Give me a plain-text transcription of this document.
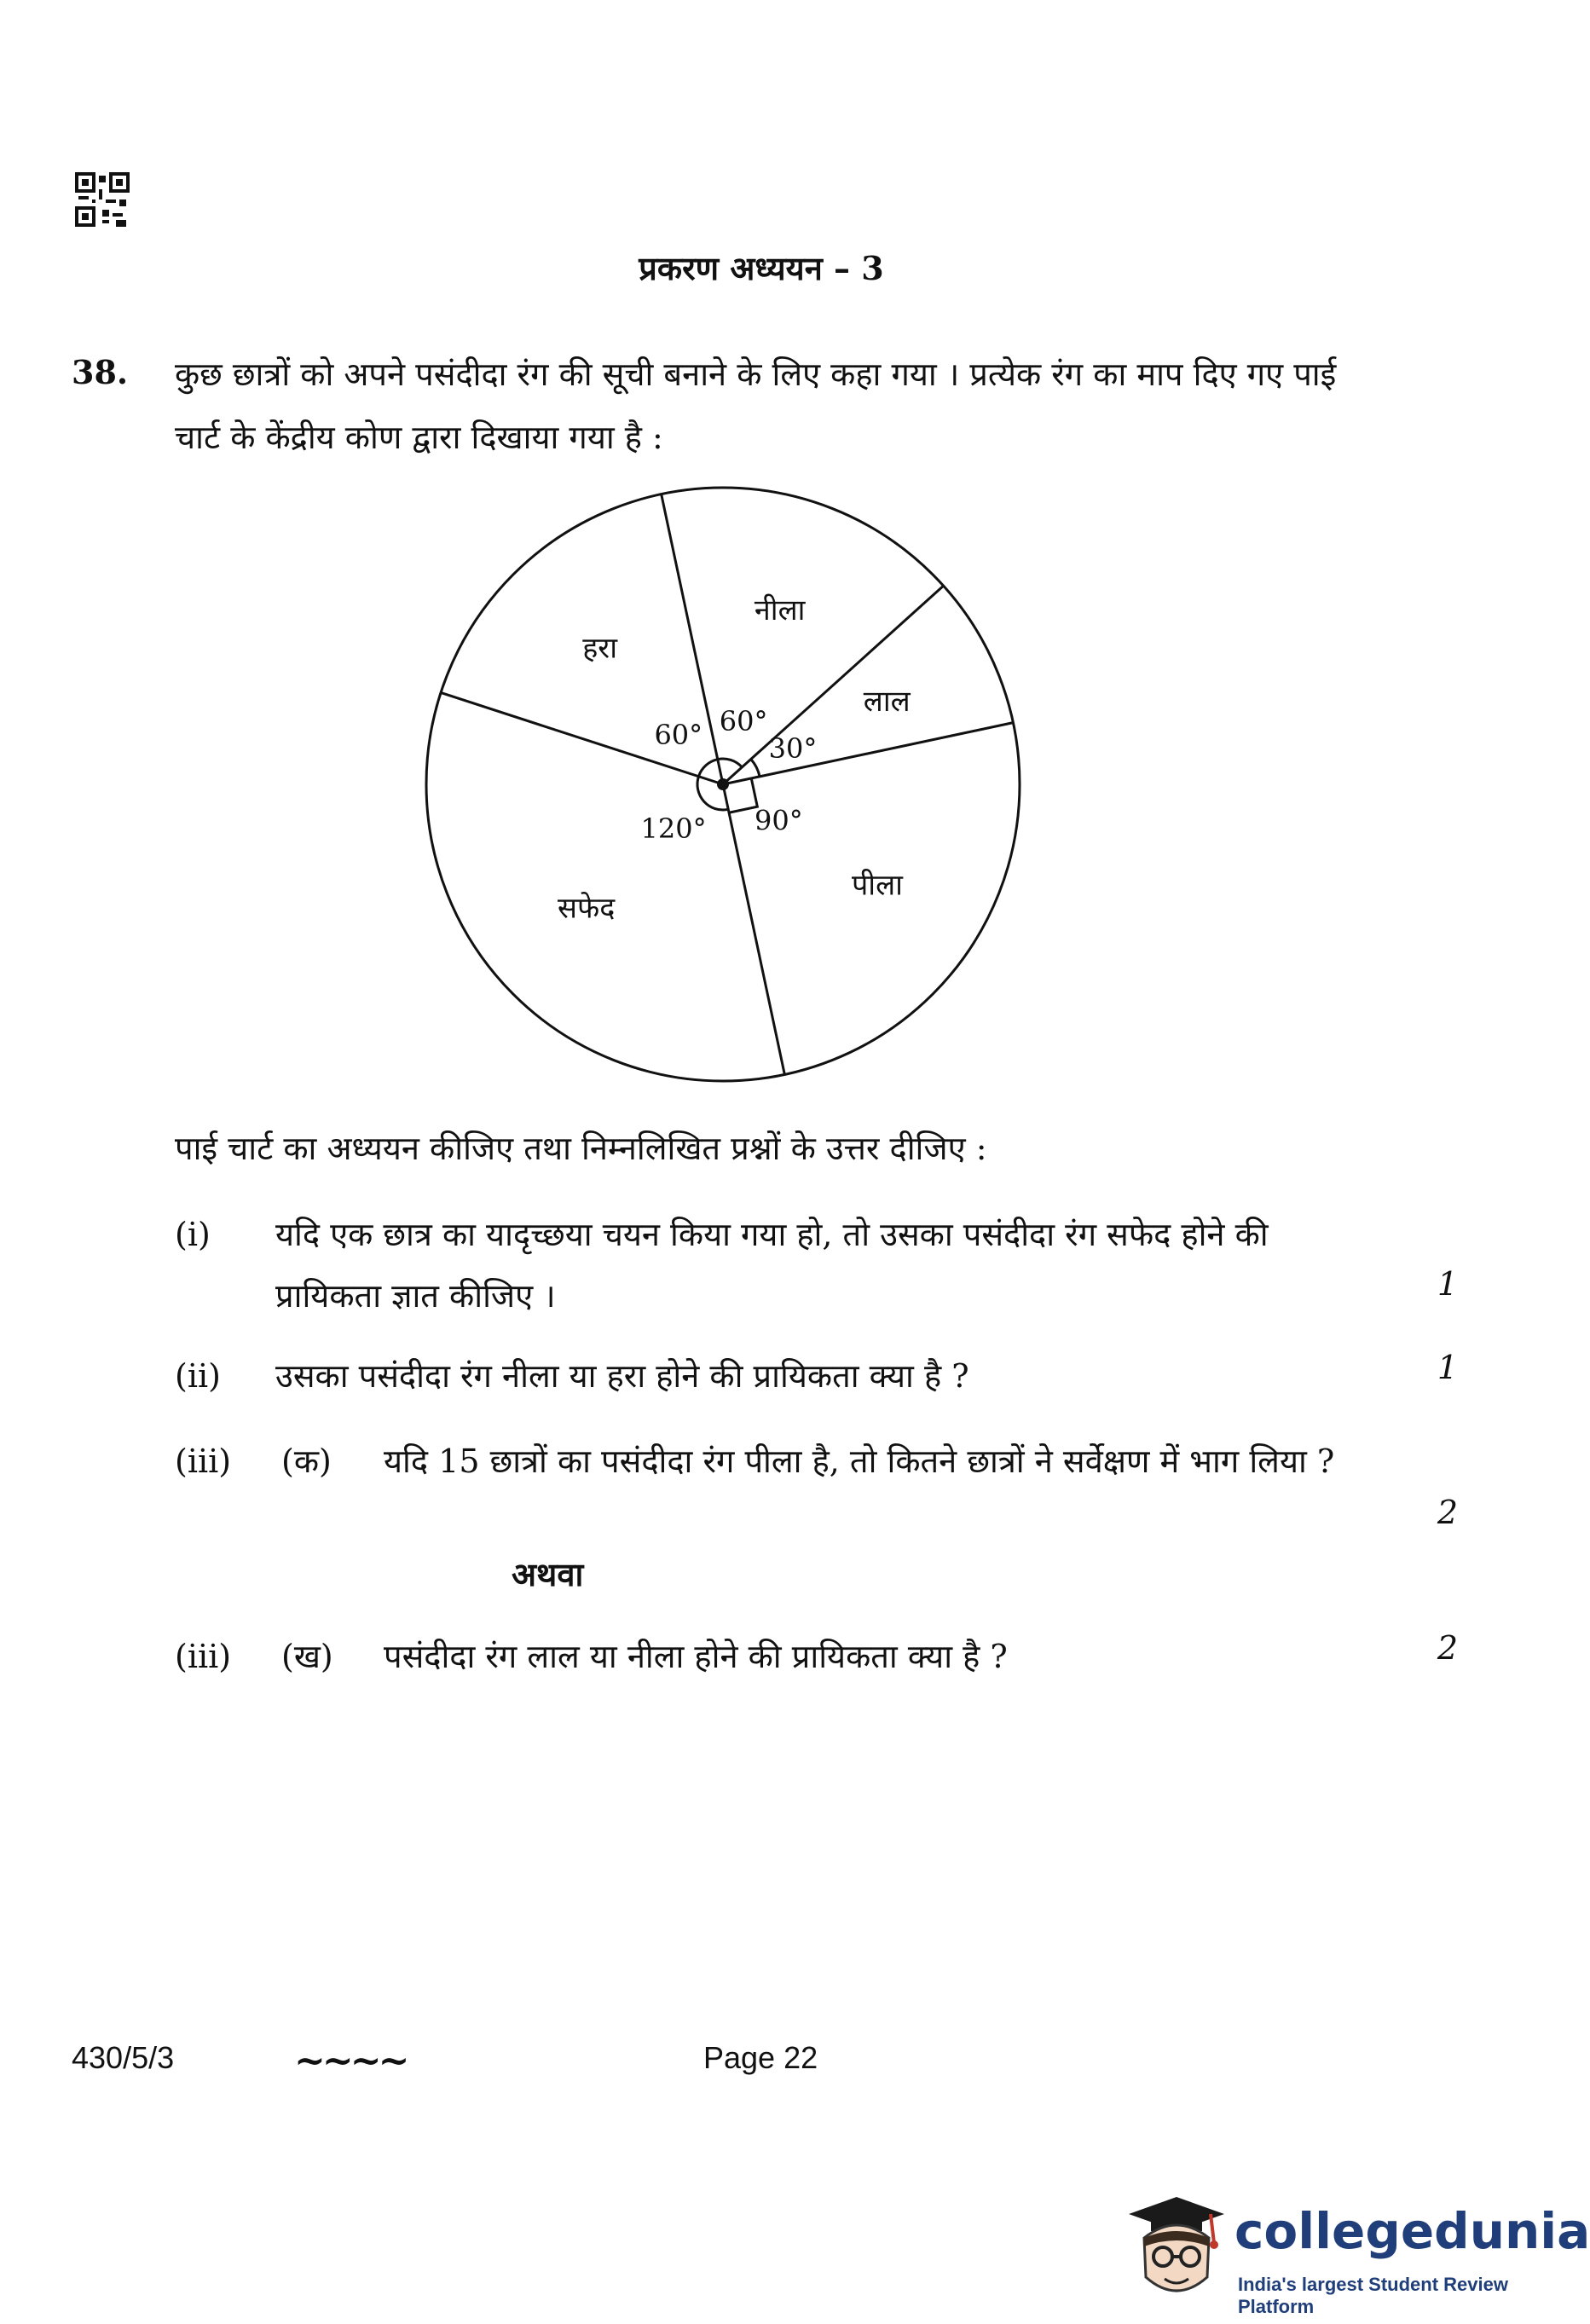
प्रकरण अध्ययन – 3
38. कुछ छात्रों को अपने पसंदीदा रंग की सूची बनाने के लिए कहा गया । प्रत्येक रंग का माप दिए गए पाई चार्ट के केंद्रीय कोण द्वारा दिखाया गया है :
नीला
60°
लाल
30°
पीला
90°
सफेद
120°
हरा
60°
पाई चार्ट का अध्ययन कीजिए तथा निम्नलिखित प्रश्नों के उत्तर दीजिए :
(i) यदि एक छात्र का यादृच्छया चयन किया गया हो, तो उसका पसंदीदा रंग सफेद होने की प्रायिकता ज्ञात कीजिए ।	1
(ii) उसका पसंदीदा रंग नीला या हरा होने की प्रायिकता क्या है ?	1
(iii) (क) यदि 15 छात्रों का पसंदीदा रंग पीला है, तो कितने छात्रों ने सर्वेक्षण में भाग लिया ?
2
अथवा
(iii) (ख) पसंदीदा रंग लाल या नीला होने की प्रायिकता क्या है ?	2
430/5/3	~~~~	Page 22
collegedunia
India's largest Student Review Platform
